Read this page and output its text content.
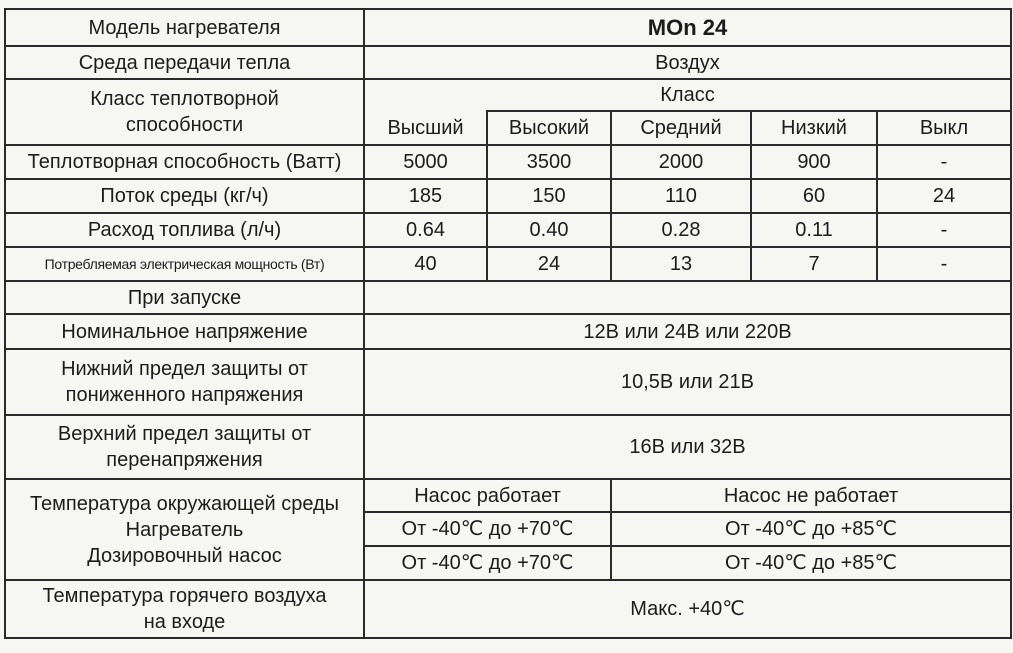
Модель нагревателя	MOn 24				
Среда передачи тепла	Воздух				

Класс теплотворной
способности	Класс				
	Высший	Высокий	Средний	Низкий	Выкл
Теплотворная способность (Ватт)	5000	3500	2000	900	-
Поток среды (кг/ч)	185	150	110	60	24
Расход топлива (л/ч)	0.64	0.40	0.28	0.11	-
Потребляемая электрическая мощность (Вт)	40	24	13	7	-
При запуске					
Номинальное напряжение	12В или 24В или 220В				

Нижний предел защиты от
пониженного напряжения	10,5В или 21В				

Верхний предел защиты от
перенапряжения	16В или 32В				

Температура окружающей среды
Нагреватель
Дозировочный насос	Насос работает		Насос не работает		
	От -40℃ до +70℃		От -40℃ до +85℃		
	От -40℃ до +70℃		От -40℃ до +85℃		

Температура горячего воздуха
на входе	Макс. +40℃				
